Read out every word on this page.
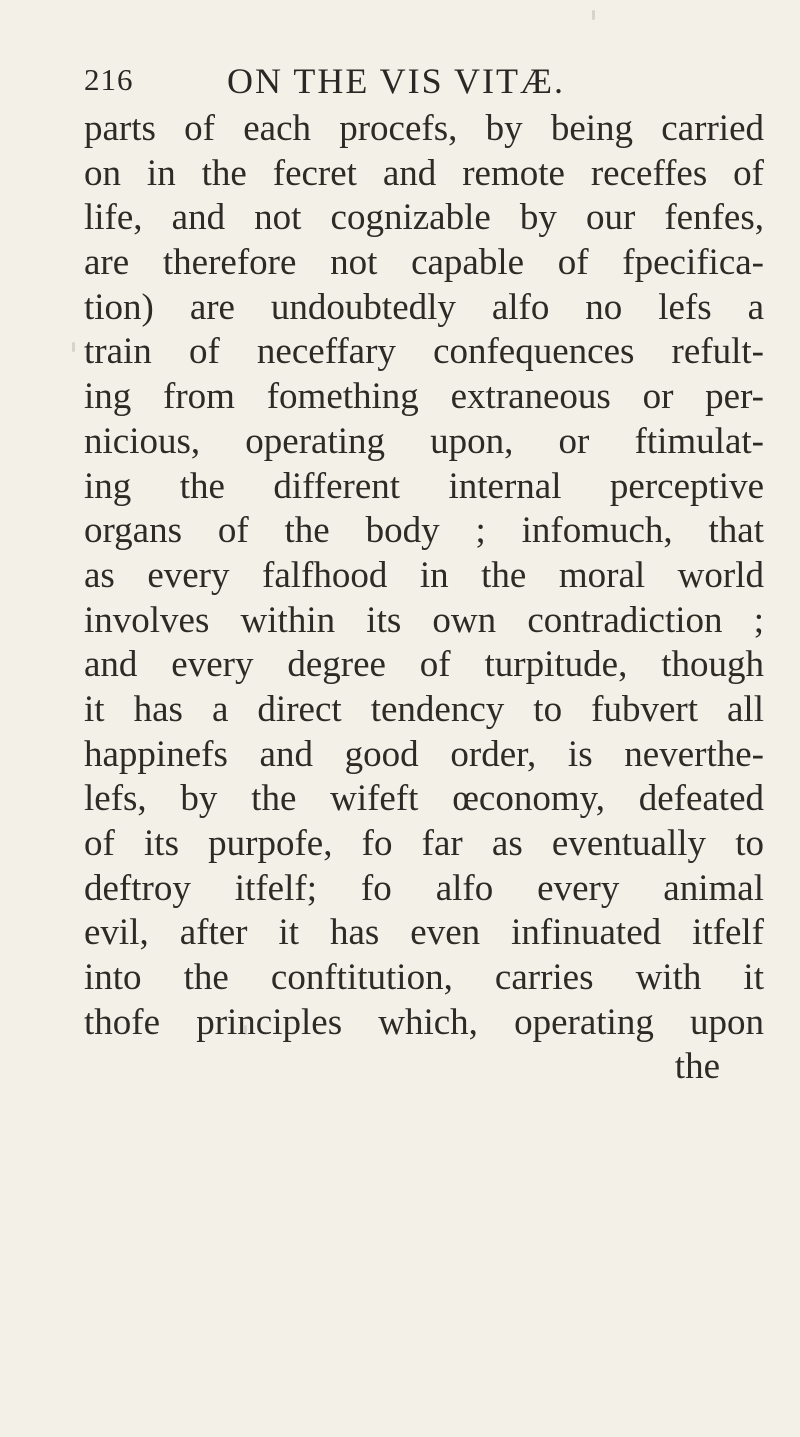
216	ON THE VIS VITÆ.
parts of each procefs, by being carried
on in the fecret and remote receffes of
life, and not cognizable by our fenfes,
are therefore not capable of fpecifica-
tion) are undoubtedly alfo no lefs a
train of neceffary confequences refult-
ing from fomething extraneous or per-
nicious, operating upon, or ftimulat-
ing the different internal perceptive
organs of the body ; infomuch, that
as every falfhood in the moral world
involves within its own contradiction ;
and every degree of turpitude, though
it has a direct tendency to fubvert all
happinefs and good order, is neverthe-
lefs, by the wifeft œconomy, defeated
of its purpofe, fo far as eventually to
deftroy itfelf; fo alfo every animal
evil, after it has even infinuated itfelf
into the conftitution, carries with it
thofe principles which, operating upon
the
